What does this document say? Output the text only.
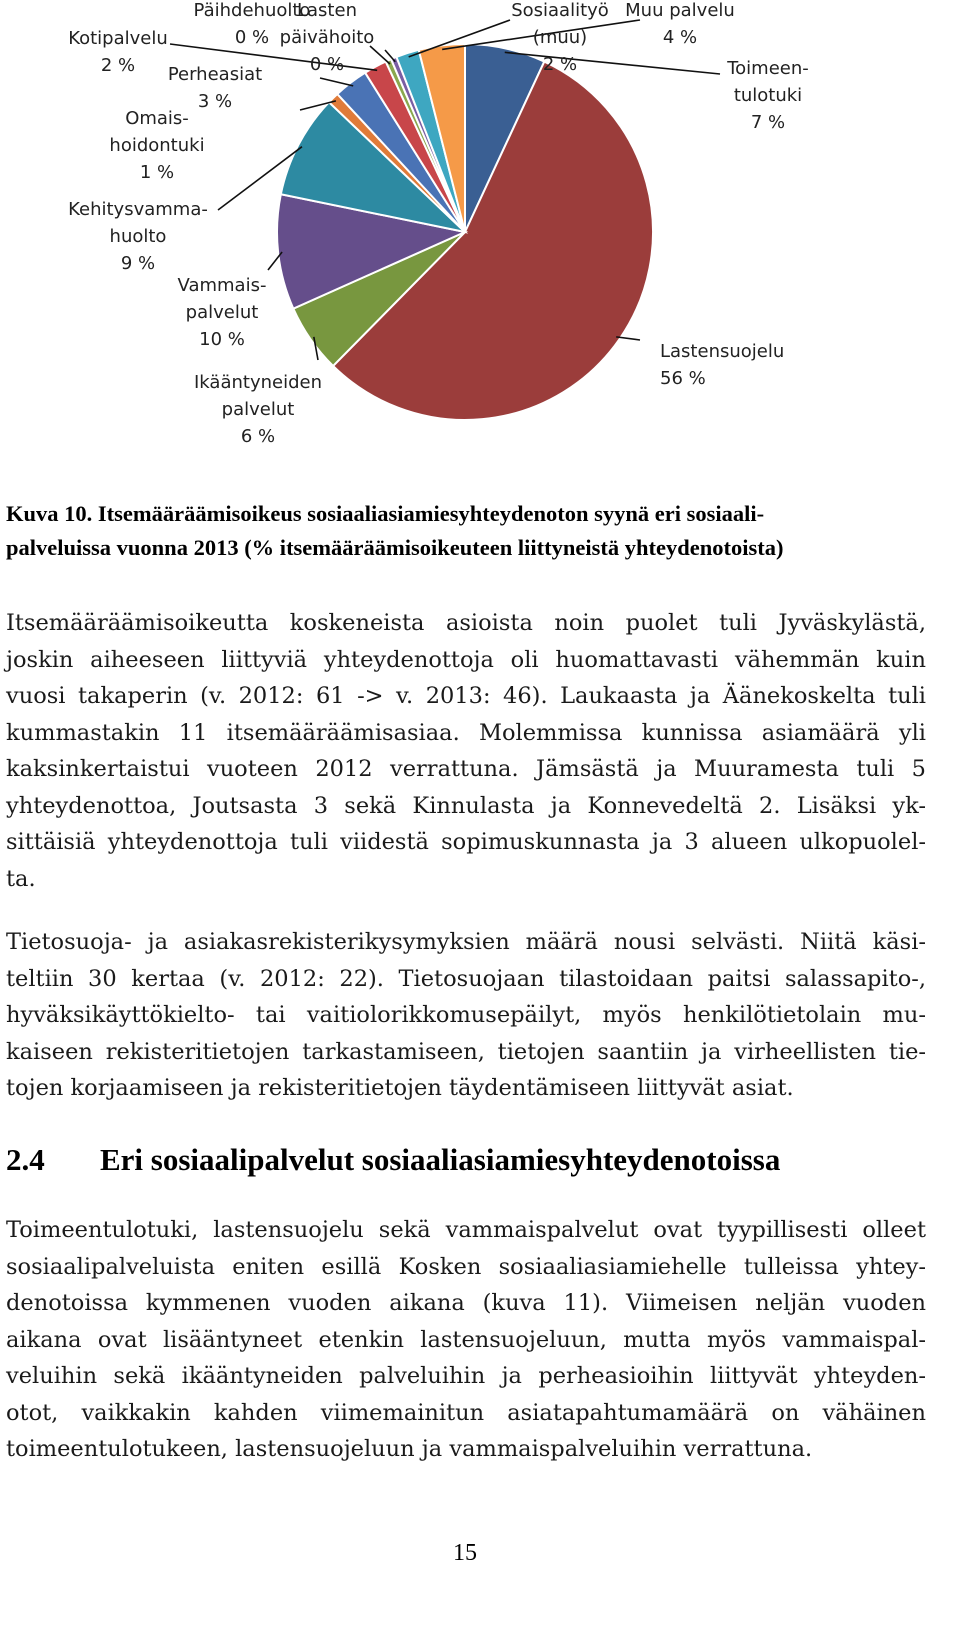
Toimeen-tulotuki 7 %
Lastensuojelu 56 %
Ikääntyneiden palvelut 6 %
Vammais-palvelut 10 %
Kehitysvamma-huolto 9 %
Omais-hoidontuki 1 %
Perheasiat 3 %
Kotipalvelu 2 %
Päihdehuolto 0 %
Lasten päivähoito 0 %
Sosiaalityö (muu) 2 %
Muu palvelu 4 %
Kuva 10. Itsemääräämisoikeus sosiaaliasiamiesyhteydenoton syynä eri sosiaali-
palveluissa vuonna 2013 (% itsemääräämisoikeuteen liittyneistä yhteydenotoista)
Itsemääräämisoikeutta koskeneista asioista noin puolet tuli Jyväskylästä,
joskin aiheeseen liittyviä yhteydenottoja oli huomattavasti vähemmän kuin
vuosi takaperin (v. 2012: 61 -> v. 2013: 46). Laukaasta ja Äänekoskelta tuli
kummastakin 11 itsemääräämisasiaa. Molemmissa kunnissa asiamäärä yli
kaksinkertaistui vuoteen 2012 verrattuna. Jämsästä ja Muuramesta tuli 5
yhteydenottoa, Joutsasta 3 sekä Kinnulasta ja Konnevedeltä 2. Lisäksi yk-
sittäisiä yhteydenottoja tuli viidestä sopimuskunnasta ja 3 alueen ulkopuolel-
ta.
Tietosuoja- ja asiakasrekisterikysymyksien määrä nousi selvästi. Niitä käsi-
teltiin 30 kertaa (v. 2012: 22). Tietosuojaan tilastoidaan paitsi salassapito-,
hyväksikäyttökielto- tai vaitiolorikkomusepäilyt, myös henkilötietolain mu-
kaiseen rekisteritietojen tarkastamiseen, tietojen saantiin ja virheellisten tie-
tojen korjaamiseen ja rekisteritietojen täydentämiseen liittyvät asiat.
2.4 Eri sosiaalipalvelut sosiaaliasiamiesyhteydenotoissa
Toimeentulotuki, lastensuojelu sekä vammaispalvelut ovat tyypillisesti olleet
sosiaalipalveluista eniten esillä Kosken sosiaaliasiamiehelle tulleissa yhtey-
denotoissa kymmenen vuoden aikana (kuva 11). Viimeisen neljän vuoden
aikana ovat lisääntyneet etenkin lastensuojeluun, mutta myös vammaispal-
veluihin sekä ikääntyneiden palveluihin ja perheasioihin liittyvät yhteyden-
otot, vaikkakin kahden viimemainitun asiatapahtumamäärä on vähäinen
toimeentulotukeen, lastensuojeluun ja vammaispalveluihin verrattuna.
15
